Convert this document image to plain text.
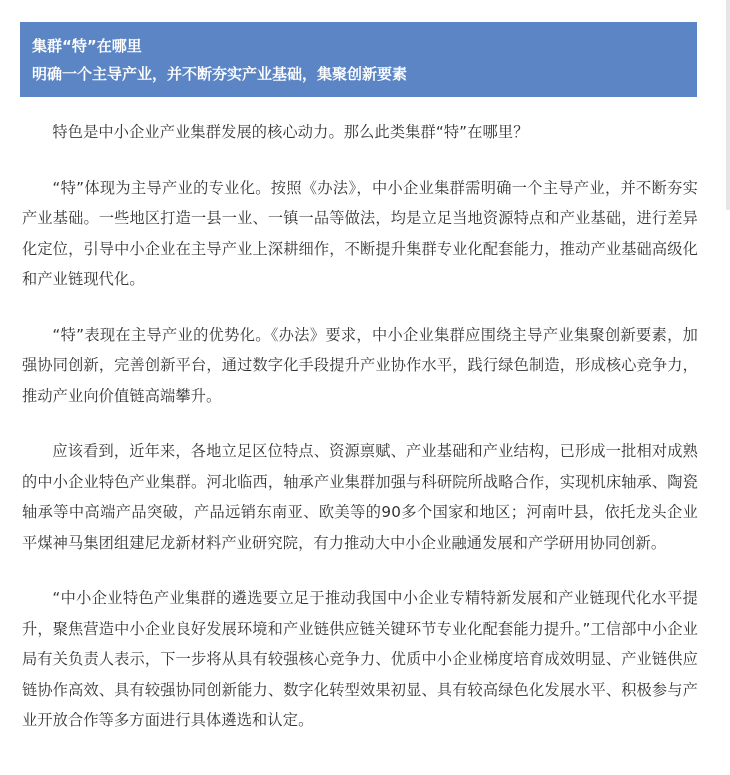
集群“特”在哪里
明确一个主导产业，并不断夯实产业基础，集聚创新要素

特色是中小企业产业集群发展的核心动力。那么此类集群“特”在哪里？

“特”体现为主导产业的专业化。按照《办法》，中小企业集群需明确一个主导产业，并不断夯实产业基础。一些地区打造一县一业、一镇一品等做法，均是立足当地资源特点和产业基础，进行差异化定位，引导中小企业在主导产业上深耕细作，不断提升集群专业化配套能力，推动产业基础高级化和产业链现代化。

“特”表现在主导产业的优势化。《办法》要求，中小企业集群应围绕主导产业集聚创新要素，加强协同创新，完善创新平台，通过数字化手段提升产业协作水平，践行绿色制造，形成核心竞争力，推动产业向价值链高端攀升。

应该看到，近年来，各地立足区位特点、资源禀赋、产业基础和产业结构，已形成一批相对成熟的中小企业特色产业集群。河北临西，轴承产业集群加强与科研院所战略合作，实现机床轴承、陶瓷轴承等中高端产品突破，产品远销东南亚、欧美等的90多个国家和地区；河南叶县，依托龙头企业平煤神马集团组建尼龙新材料产业研究院，有力推动大中小企业融通发展和产学研用协同创新。

“中小企业特色产业集群的遴选要立足于推动我国中小企业专精特新发展和产业链现代化水平提升，聚焦营造中小企业良好发展环境和产业链供应链关键环节专业化配套能力提升。”工信部中小企业局有关负责人表示，下一步将从具有较强核心竞争力、优质中小企业梯度培育成效明显、产业链供应链协作高效、具有较强协同创新能力、数字化转型效果初显、具有较高绿色化发展水平、积极参与产业开放合作等多方面进行具体遴选和认定。
